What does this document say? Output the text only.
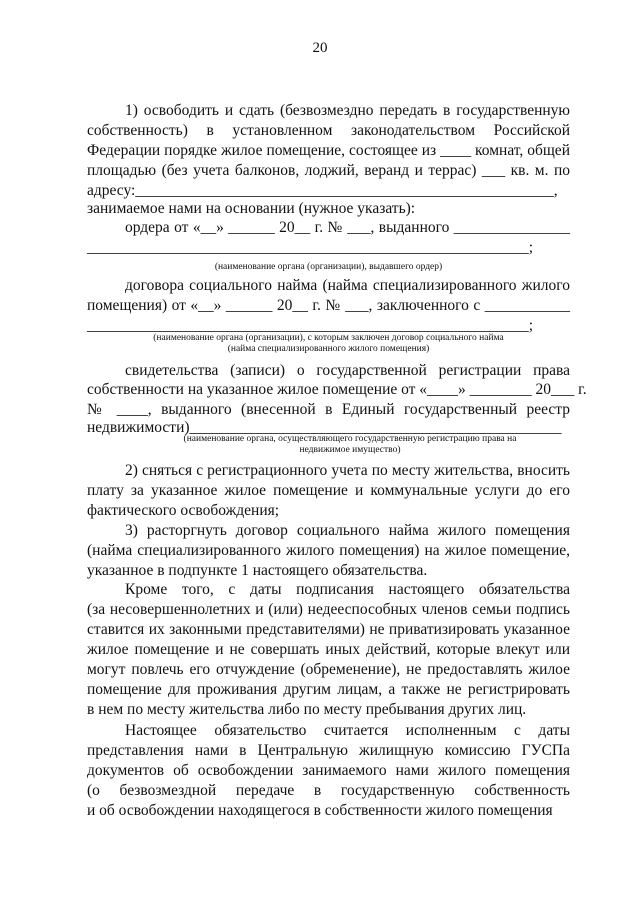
20
1) освободить и сдать (безвозмездно передать в государственную
собственность) в установленном законодательством Российской
Федерации порядке жилое помещение, состоящее из ____ комнат, общей
площадью (без учета балконов, лоджий, веранд и террас) ___ кв. м. по
адресу:______________________________________________________,
занимаемое нами на основании (нужное указать):
ордера от «__» ______ 20__ г. № ___, выданного _______________
_________________________________________________________;
(наименование органа (организации), выдавшего ордер)
договора социального найма (найма специализированного жилого
помещения) от «__» ______ 20__ г. № ___, заключенного с ___________
_________________________________________________________;
(наименование органа (организации), с которым заключен договор социального найма
(найма специализированного жилого помещения)
свидетельства (записи) о государственной регистрации права
собственности на указанное жилое помещение от «____» ________ 20___ г.
№ ____, выданного (внесенной в Единый государственный реестр
недвижимости)________________________________________________
(наименование органа, осуществляющего государственную регистрацию права на
недвижимое имущество)
2) сняться с регистрационного учета по месту жительства, вносить
плату за указанное жилое помещение и коммунальные услуги до его
фактического освобождения;
3) расторгнуть договор социального найма жилого помещения
(найма специализированного жилого помещения) на жилое помещение,
указанное в подпункте 1 настоящего обязательства.
Кроме того, с даты подписания настоящего обязательства
(за несовершеннолетних и (или) недееспособных членов семьи подпись
ставится их законными представителями) не приватизировать указанное
жилое помещение и не совершать иных действий, которые влекут или
могут повлечь его отчуждение (обременение), не предоставлять жилое
помещение для проживания другим лицам, а также не регистрировать
в нем по месту жительства либо по месту пребывания других лиц.
Настоящее обязательство считается исполненным с даты
представления нами в Центральную жилищную комиссию ГУСПа
документов об освобождении занимаемого нами жилого помещения
(о безвозмездной передаче в государственную собственность
и об освобождении находящегося в собственности жилого помещения
